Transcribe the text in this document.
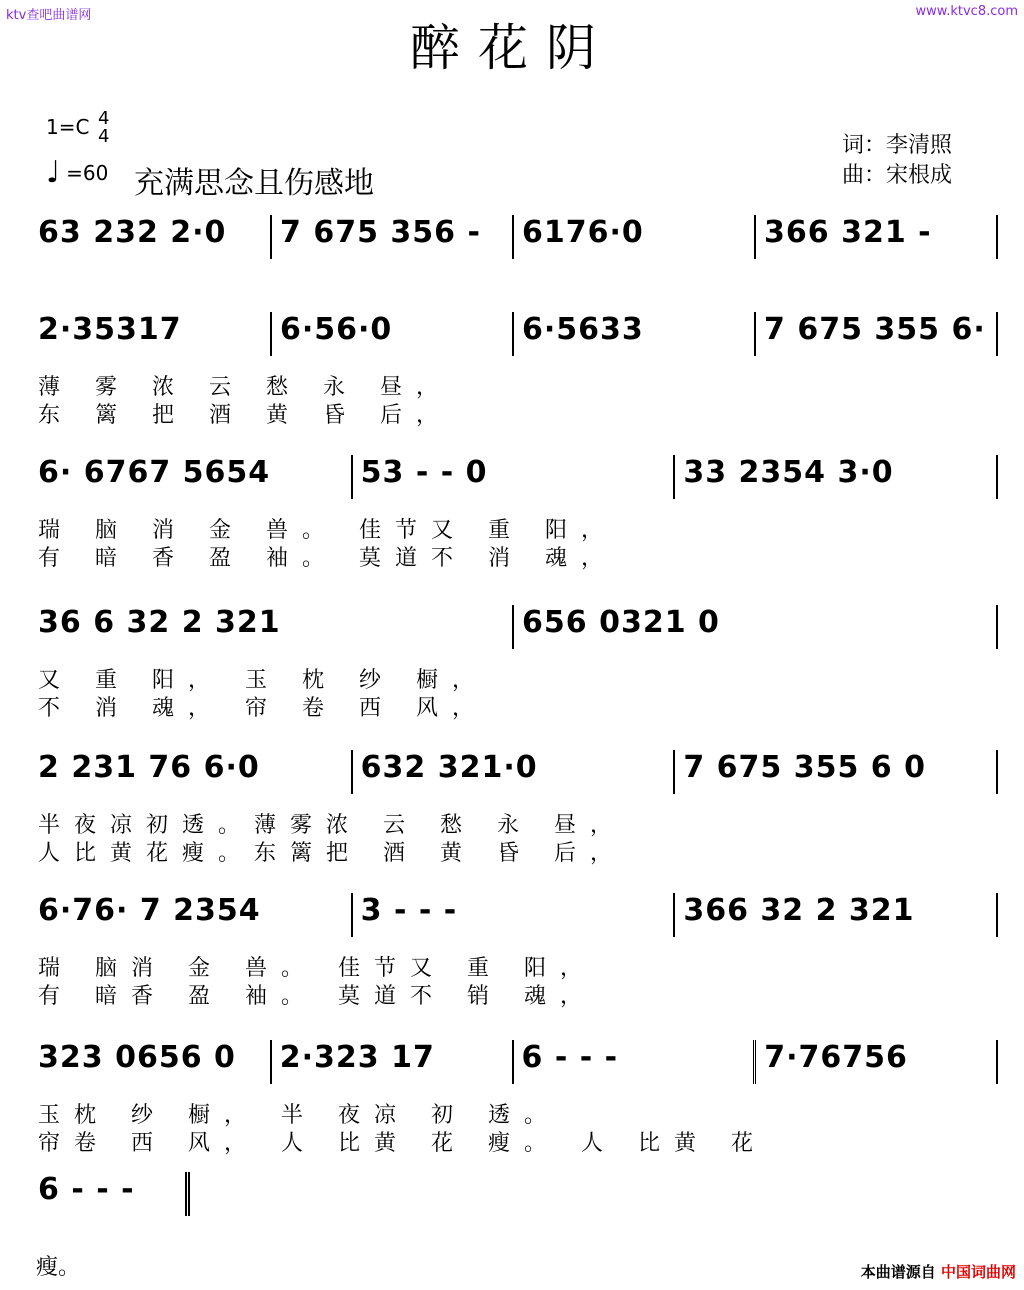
ktv查吧曲谱网	www.ktvc8.com
醉花阴
1=C 4
4
♩ =60 充满思念且伤感地
词：李清照
曲：宋根成
63 232 2·0 7 675 356 - 6176·0	366 321 -
2·35317	6·56·0	6·5633	7 675 355 6·
薄 雾 浓 云 愁 永 昼，
东 篱 把 酒 黄 昏 后，
6· 6767 5654	53 - - 0	33 2354 3·0
瑞 脑 消 金 兽。 佳节又 重 阳，
有 暗 香 盈 袖。 莫道不 消 魂，
36 6 32 2 321	656 0321 0
又 重 阳， 玉 枕 纱 橱，
不 消 魂， 帘 卷 西 风，
2 231 76 6·0	632 321·0	7 675 355 6 0
半夜凉初透。薄雾浓 云 愁 永 昼，
人比黄花瘦。东篱把 酒 黄 昏 后，
6·76· 7 2354	3 - - -	366 32 2 321
瑞 脑消 金 兽。 佳节又 重 阳，
有 暗香 盈 袖。 莫道不 销 魂，
323 0656 0 2·323 17	6 - - -	7·76756
玉枕 纱 橱， 半 夜凉 初 透。
帘卷 西 风， 人 比黄 花 瘦。 人 比黄 花
6 - - -
瘦。	本曲谱源自 中国词曲网
